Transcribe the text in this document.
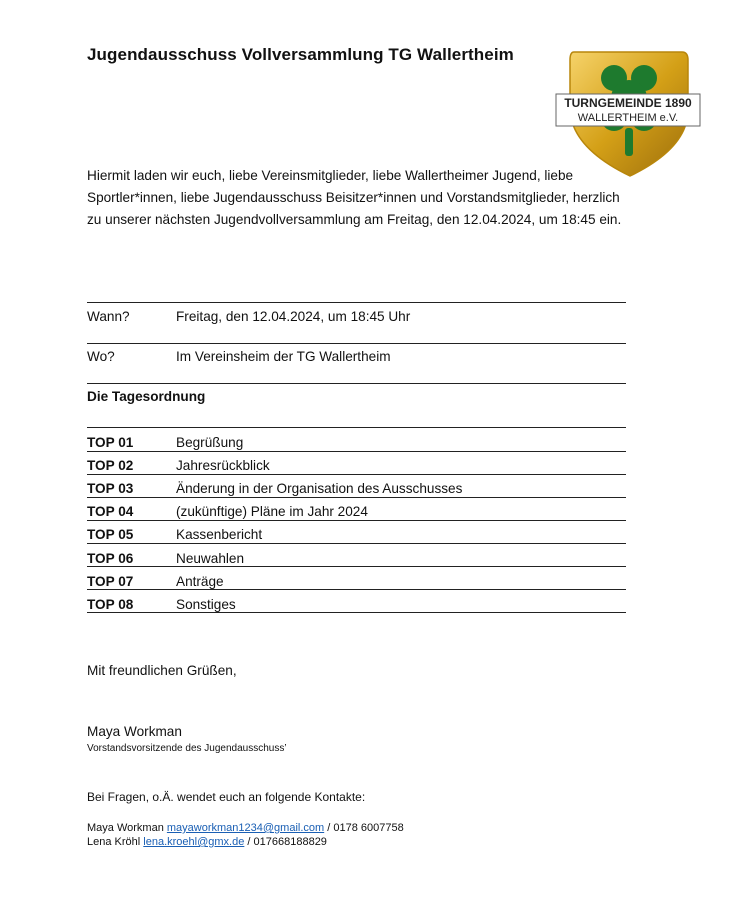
Jugendausschuss Vollversammlung TG Wallertheim
TURNGEMEINDE 1890
WALLERTHEIM e.V.
Hiermit laden wir euch, liebe Vereinsmitglieder, liebe Wallertheimer Jugend, liebe Sportler*innen, liebe Jugendausschuss Beisitzer*innen und Vorstandsmitglieder, herzlich zu unserer nächsten Jugendvollversammlung am Freitag, den 12.04.2024, um 18:45 ein.
Wann?	Freitag, den 12.04.2024, um 18:45 Uhr
Wo?	Im Vereinsheim der TG Wallertheim
Die Tagesordnung
TOP 01	Begrüßung
TOP 02	Jahresrückblick
TOP 03	Änderung in der Organisation des Ausschusses
TOP 04	(zukünftige) Pläne im Jahr 2024
TOP 05	Kassenbericht
TOP 06	Neuwahlen
TOP 07	Anträge
TOP 08	Sonstiges
Mit freundlichen Grüßen,
Maya Workman
Vorstandsvorsitzende des Jugendausschuss’
Bei Fragen, o.Ä. wendet euch an folgende Kontakte:
Maya Workman mayaworkman1234@gmail.com / 0178 6007758
Lena Kröhl lena.kroehl@gmx.de / 017668188829
